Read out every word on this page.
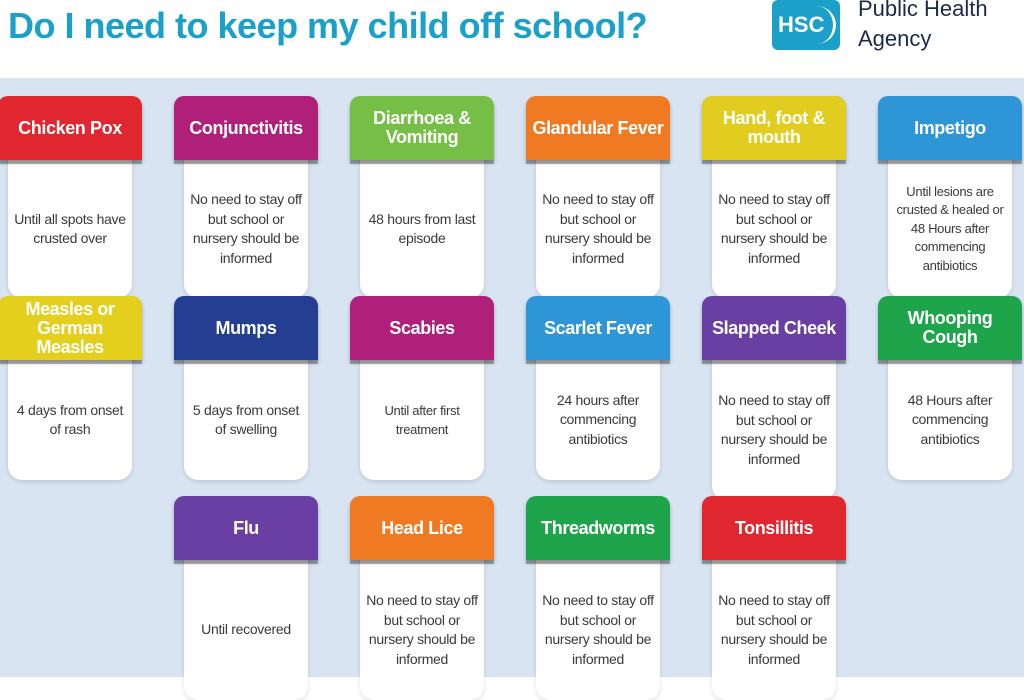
Do I need to keep my child off school?	HSC
Public Health
Agency
Chicken Pox
Until all spots have crusted over
Conjunctivitis
No need to stay off but school or nursery should be informed
Diarrhoea & Vomiting
48 hours from last episode
Glandular Fever
No need to stay off but school or nursery should be informed
Hand, foot & mouth
No need to stay off but school or nursery should be informed
Impetigo
Until lesions are crusted & healed or 48 Hours after commencing antibiotics
Measles or German Measles
4 days from onset of rash
Mumps
5 days from onset of swelling
Scabies
Until after first treatment
Scarlet Fever
24 hours after commencing antibiotics
Slapped Cheek
No need to stay off but school or nursery should be informed
Whooping Cough
48 Hours after commencing antibiotics
Flu
Until recovered
Head Lice
No need to stay off but school or nursery should be informed
Threadworms
No need to stay off but school or nursery should be informed
Tonsillitis
No need to stay off but school or nursery should be informed
